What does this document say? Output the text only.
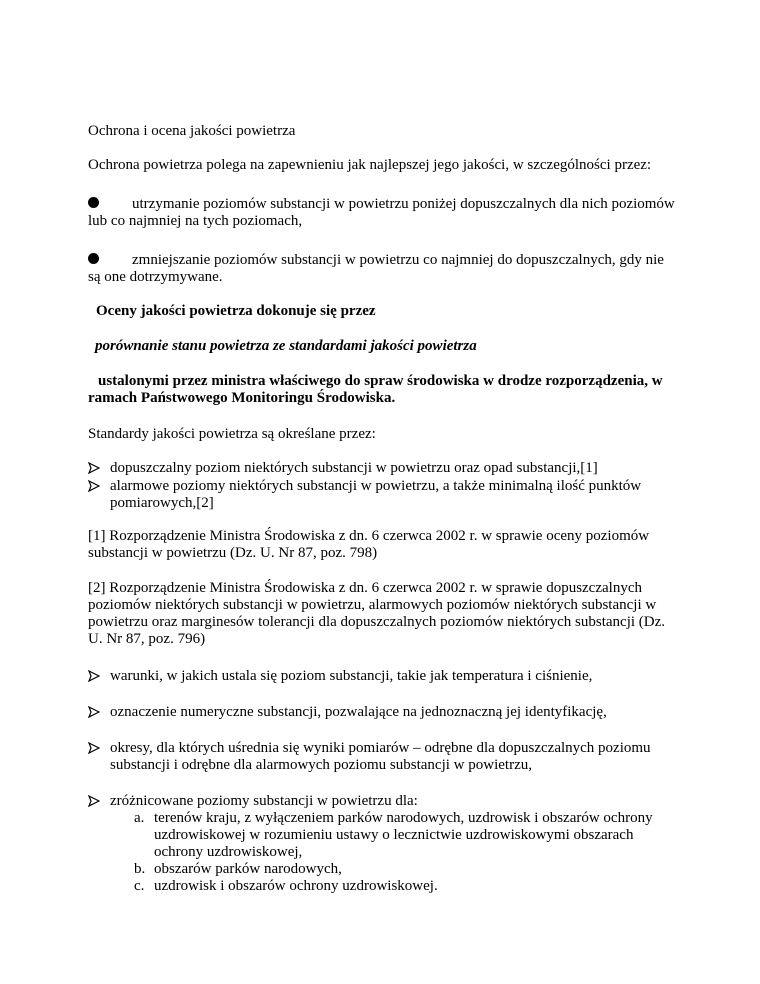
Ochrona i ocena jakości powietrza

Ochrona powietrza polega na zapewnieniu jak najlepszej jego jakości, w szczególności przez:

utrzymanie poziomów substancji w powietrzu poniżej dopuszczalnych dla nich poziomów lub co najmniej na tych poziomach,

zmniejszanie poziomów substancji w powietrzu co najmniej do dopuszczalnych, gdy nie są one dotrzymywane.

Oceny jakości powietrza dokonuje się przez

porównanie stanu powietrza ze standardami jakości powietrza

ustalonymi przez ministra właściwego do spraw środowiska w drodze rozporządzenia, w ramach Państwowego Monitoringu Środowiska.

Standardy jakości powietrza są określane przez:

dopuszczalny poziom niektórych substancji w powietrzu oraz opad substancji,[1]

alarmowe poziomy niektórych substancji w powietrzu, a także minimalną ilość punktów pomiarowych,[2]

[1] Rozporządzenie Ministra Środowiska z dn. 6 czerwca 2002 r. w sprawie oceny poziomów substancji w powietrzu (Dz. U. Nr 87, poz. 798)

[2] Rozporządzenie Ministra Środowiska z dn. 6 czerwca 2002 r. w sprawie dopuszczalnych poziomów niektórych substancji w powietrzu, alarmowych poziomów niektórych substancji w powietrzu oraz marginesów tolerancji dla dopuszczalnych poziomów niektórych substancji (Dz. U. Nr 87, poz. 796)

warunki, w jakich ustala się poziom substancji, takie jak temperatura i ciśnienie,

oznaczenie numeryczne substancji, pozwalające na jednoznaczną jej identyfikację,

okresy, dla których uśrednia się wyniki pomiarów – odrębne dla dopuszczalnych poziomu substancji i odrębne dla alarmowych poziomu substancji w powietrzu,

zróżnicowane poziomy substancji w powietrzu dla:

a. terenów kraju, z wyłączeniem parków narodowych, uzdrowisk i obszarów ochrony uzdrowiskowej w rozumieniu ustawy o lecznictwie uzdrowiskowymi obszarach ochrony uzdrowiskowej,

b. obszarów parków narodowych,

c. uzdrowisk i obszarów ochrony uzdrowiskowej.
